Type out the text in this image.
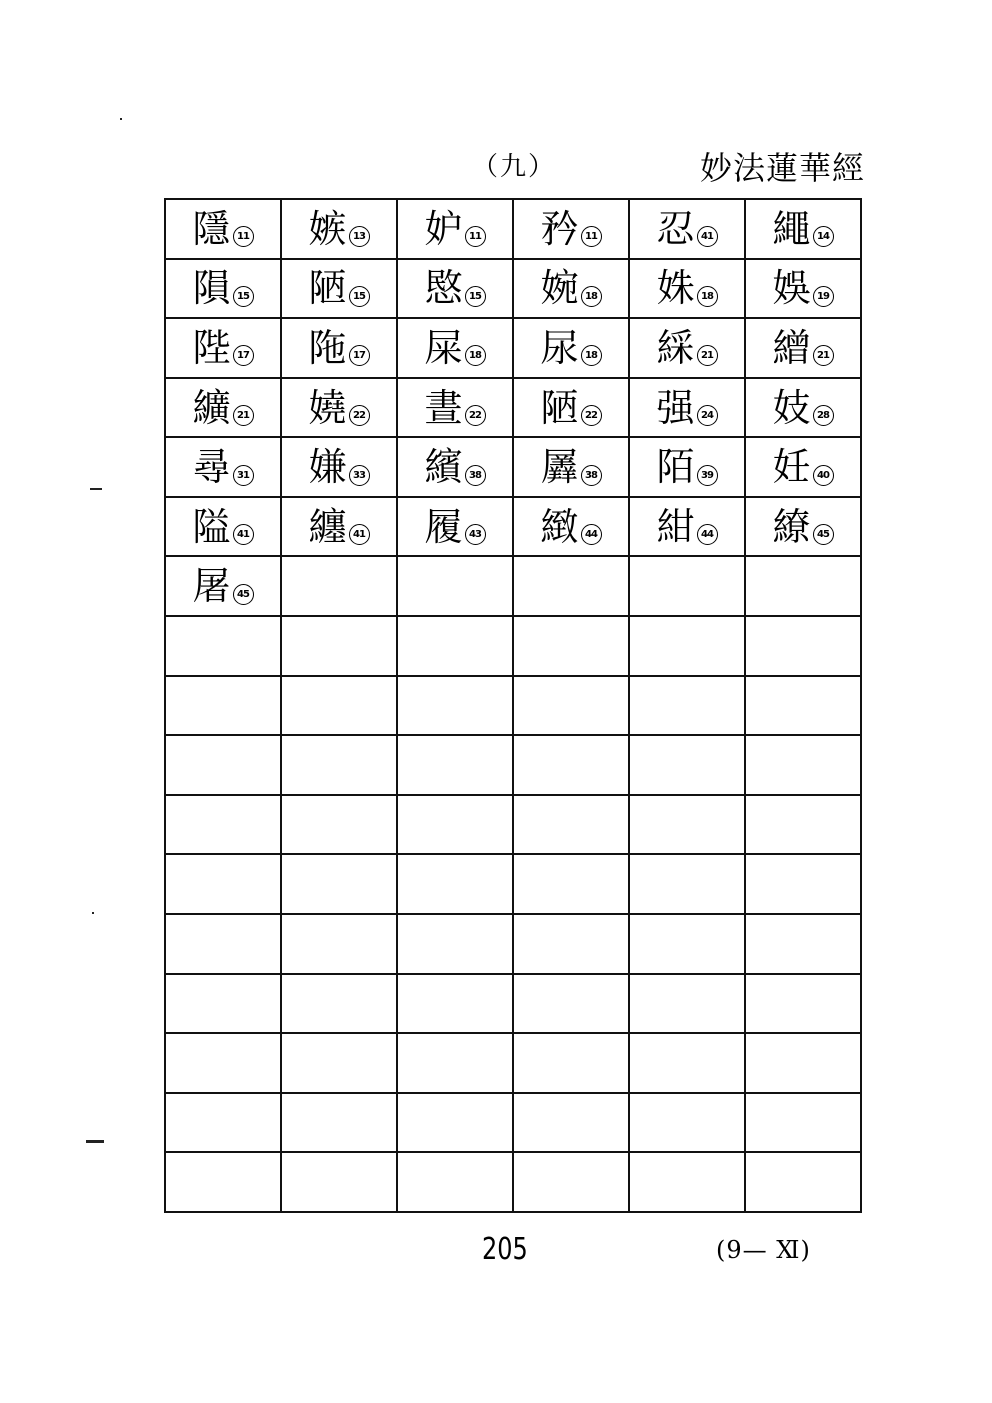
（九）	妙法蓮華經
隱 11	嫉 13	妒 11	矜 11	忍 41	繩 14
隕 15	陋 15	愍 15	婉 18	姝 18	娛 19
陛 17	陁 17	屎 18	尿 18	綵 21	繒 21
纊 21	嬈 22	晝 22	陋 22	强 24	妓 28
尋 31	嫌 33	繽 38	羼 38	陌 39	妊 40
隘 41	纏 41	履 43	緻 44	紺 44	繚 45
屠 45					

205	(9— Ⅺ)
